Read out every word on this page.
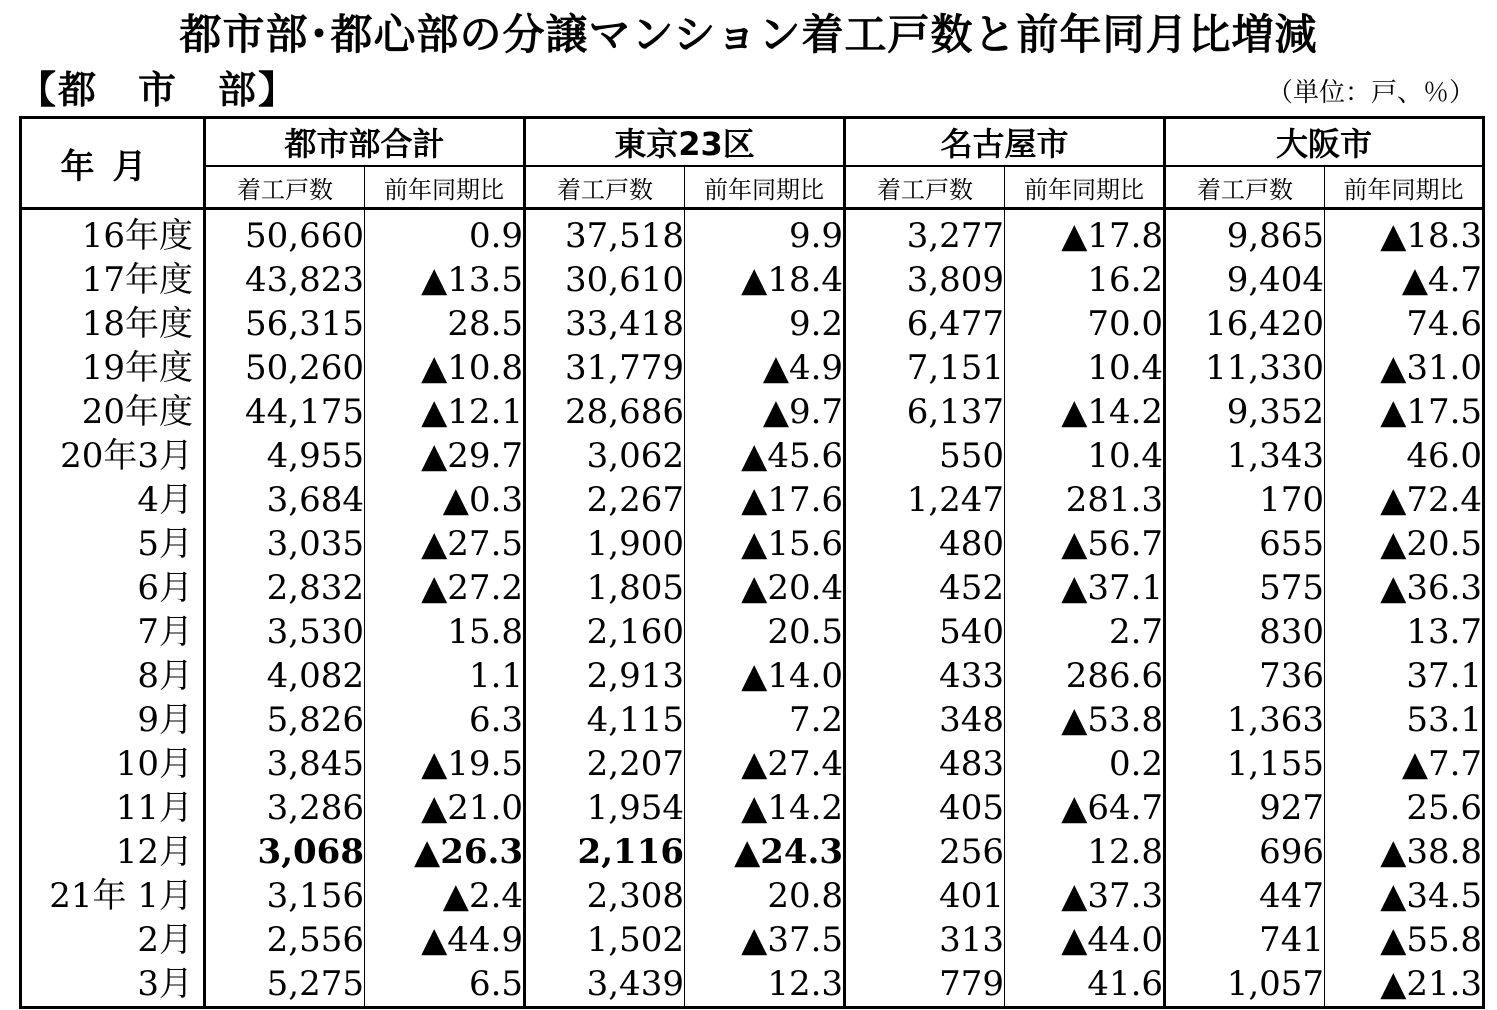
都市部･都心部の分譲マンション着工戸数と前年同月比増減
【都　市　部】	（単位：戸、％）
年月	都市部合計		東京23区		名古屋市		大阪市	
	着工戸数	前年同期比	着工戸数	前年同期比	着工戸数	前年同期比	着工戸数	前年同期比
16年度	50,660	0.9	37,518	9.9	3,277	▲17.8	9,865	▲18.3
17年度	43,823	▲13.5	30,610	▲18.4	3,809	16.2	9,404	▲4.7
18年度	56,315	28.5	33,418	9.2	6,477	70.0	16,420	74.6
19年度	50,260	▲10.8	31,779	▲4.9	7,151	10.4	11,330	▲31.0
20年度	44,175	▲12.1	28,686	▲9.7	6,137	▲14.2	9,352	▲17.5
20年3月	4,955	▲29.7	3,062	▲45.6	550	10.4	1,343	46.0
4月	3,684	▲0.3	2,267	▲17.6	1,247	281.3	170	▲72.4
5月	3,035	▲27.5	1,900	▲15.6	480	▲56.7	655	▲20.5
6月	2,832	▲27.2	1,805	▲20.4	452	▲37.1	575	▲36.3
7月	3,530	15.8	2,160	20.5	540	2.7	830	13.7
8月	4,082	1.1	2,913	▲14.0	433	286.6	736	37.1
9月	5,826	6.3	4,115	7.2	348	▲53.8	1,363	53.1
10月	3,845	▲19.5	2,207	▲27.4	483	0.2	1,155	▲7.7
11月	3,286	▲21.0	1,954	▲14.2	405	▲64.7	927	25.6
12月	3,068	▲26.3	2,116	▲24.3	256	12.8	696	▲38.8
21年 1月	3,156	▲2.4	2,308	20.8	401	▲37.3	447	▲34.5
2月	2,556	▲44.9	1,502	▲37.5	313	▲44.0	741	▲55.8
3月	5,275	6.5	3,439	12.3	779	41.6	1,057	▲21.3
